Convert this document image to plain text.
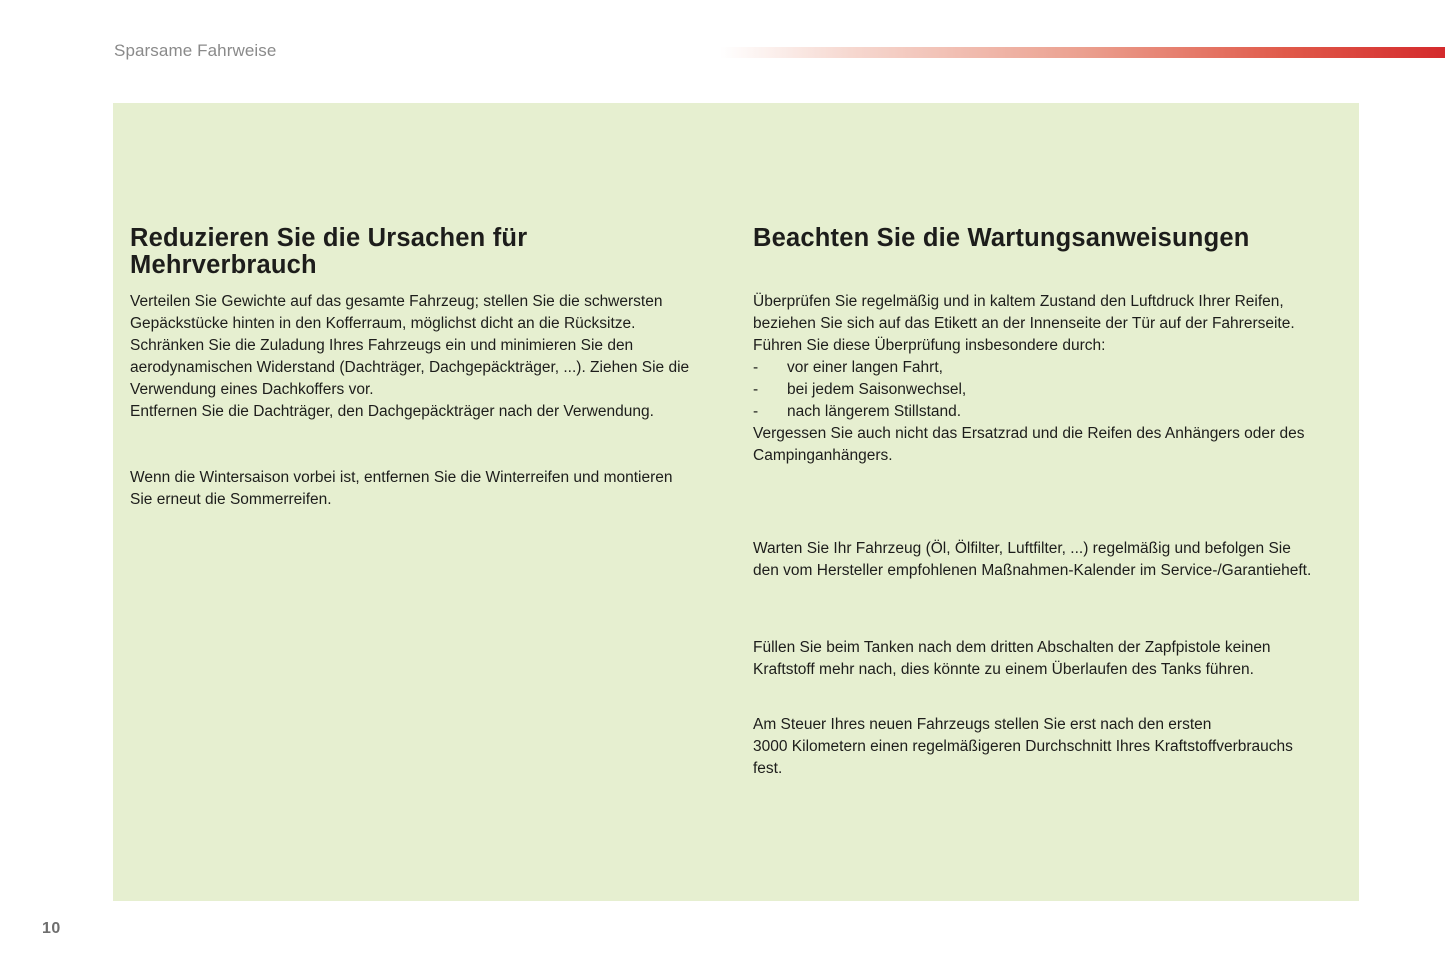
Sparsame Fahrweise
Reduzieren Sie die Ursachen für
Mehrverbrauch
Verteilen Sie Gewichte auf das gesamte Fahrzeug; stellen Sie die schwersten
Gepäckstücke hinten in den Kofferraum, möglichst dicht an die Rücksitze.
Schränken Sie die Zuladung Ihres Fahrzeugs ein und minimieren Sie den
aerodynamischen Widerstand (Dachträger, Dachgepäckträger, ...). Ziehen Sie die
Verwendung eines Dachkoffers vor.
Entfernen Sie die Dachträger, den Dachgepäckträger nach der Verwendung.
Wenn die Wintersaison vorbei ist, entfernen Sie die Winterreifen und montieren
Sie erneut die Sommerreifen.
Beachten Sie die Wartungsanweisungen
Überprüfen Sie regelmäßig und in kaltem Zustand den Luftdruck Ihrer Reifen,
beziehen Sie sich auf das Etikett an der Innenseite der Tür auf der Fahrerseite.
Führen Sie diese Überprüfung insbesondere durch:
- vor einer langen Fahrt,
- bei jedem Saisonwechsel,
- nach längerem Stillstand.
Vergessen Sie auch nicht das Ersatzrad und die Reifen des Anhängers oder des
Campinganhängers.
Warten Sie Ihr Fahrzeug (Öl, Ölfilter, Luftfilter, ...) regelmäßig und befolgen Sie
den vom Hersteller empfohlenen Maßnahmen-Kalender im Service-/Garantieheft.
Füllen Sie beim Tanken nach dem dritten Abschalten der Zapfpistole keinen
Kraftstoff mehr nach, dies könnte zu einem Überlaufen des Tanks führen.
Am Steuer Ihres neuen Fahrzeugs stellen Sie erst nach den ersten
3000 Kilometern einen regelmäßigeren Durchschnitt Ihres Kraftstoffverbrauchs
fest.
10
